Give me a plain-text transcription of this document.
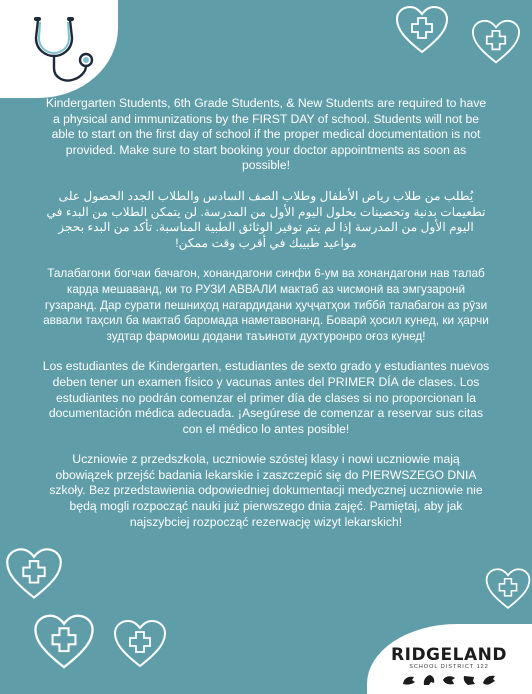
Kindergarten Students, 6th Grade Students, & New Students are required to have a physical and immunizations by the FIRST DAY of school. Students will not be able to start on the first day of school if the proper medical documentation is not provided. Make sure to start booking your doctor appointments as soon as possible!

يُطلب من طلاب رياض الأطفال وطلاب الصف السادس والطلاب الجدد الحصول على تطعيمات بدنية وتحصينات بحلول اليوم الأول من المدرسة. لن يتمكن الطلاب من البدء في اليوم الأول من المدرسة إذا لم يتم توفير الوثائق الطبية المناسبة. تأكد من البدء بحجز مواعيد طبيبك في أقرب وقت ممكن!

Талабагони богчаи бачагон, хонандагони синфи 6-ум ва хонандагони нав талаб карда мешаванд, ки то РУЗИ АВВАЛИ мактаб аз чисмонӣ ва эмгузаронӣ гузаранд. Дар сурати пешниҳод нагардидани ҳуҷҷатҳои тиббӣ талабагон аз рӯзи аввали таҳсил ба мактаб баромада наметавонанд. Боварӣ ҳосил кунед, ки ҳарчи зудтар фармоиш додани таъиноти духтуронро оғоз кунед!

Los estudiantes de Kindergarten, estudiantes de sexto grado y estudiantes nuevos deben tener un examen físico y vacunas antes del PRIMER DÍA de clases. Los estudiantes no podrán comenzar el primer día de clases si no proporcionan la documentación médica adecuada. ¡Asegúrese de comenzar a reservar sus citas con el médico lo antes posible!

Uczniowie z przedszkola, uczniowie szóstej klasy i nowi uczniowie mają obowiązek przejść badania lekarskie i zaszczepić się do PIERWSZEGO DNIA szkoły. Bez przedstawienia odpowiedniej dokumentacji medycznej uczniowie nie będą mogli rozpocząć nauki już pierwszego dnia zajęć. Pamiętaj, aby jak najszybciej rozpocząć rezerwację wizyt lekarskich!

RIDGELAND
SCHOOL DISTRICT 122
